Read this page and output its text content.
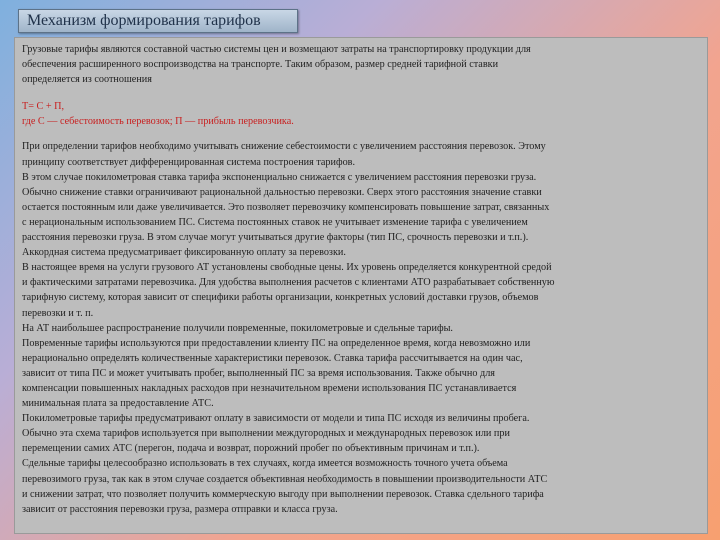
Механизм формирования тарифов
Грузовые тарифы являются составной частью системы цен и возмещают затраты на транспортировку продукции для
обеспечения расширенного воспроизводства на транспорте. Таким образом, размер средней тарифной ставки
определяется из соотношения
Т= С + П,
где С — себестоимость перевозок; П — прибыль перевозчика.
При определении тарифов необходимо учитывать снижение себестоимости с увеличением расстояния перевозок. Этому
принципу соответствует дифференцированная система построения тарифов.
В этом случае покилометровая ставка тарифа экспоненциально снижается с увеличением расстояния перевозки груза.
Обычно снижение ставки ограничивают рациональной дальностью перевозки. Сверх этого расстояния значение ставки
остается постоянным или даже увеличивается. Это позволяет перевозчику компенсировать повышение затрат, связанных
с нерациональным использованием ПС. Система постоянных ставок не учитывает изменение тарифа с увеличением
расстояния перевозки груза. В этом случае могут учитываться другие факторы (тип ПС, срочность перевозки и т.п.).
Аккордная система предусматривает фиксированную оплату за перевозки.
В настоящее время на услуги грузового АТ установлены свободные цены. Их уровень определяется конкурентной средой
и фактическими затратами перевозчика. Для удобства выполнения расчетов с клиентами АТО разрабатывает собственную
тарифную систему, которая зависит от специфики работы организации, конкретных условий доставки грузов, объемов
перевозки и т. п.
На АТ наибольшее распространение получили повременные, покилометровые и сдельные тарифы.
Повременные тарифы используются при предоставлении клиенту ПС на определенное время, когда невозможно или
нерационально определять количественные характеристики перевозок. Ставка тарифа рассчитывается на один час,
зависит от типа ПС и может учитывать пробег, выполненный ПС за время использования. Также обычно для
компенсации повышенных накладных расходов при незначительном времени использования ПС устанавливается
минимальная плата за предоставление АТС.
Покилометровые тарифы предусматривают оплату в зависимости от модели и типа ПС исходя из величины пробега.
Обычно эта схема тарифов используется при выполнении междугородных и международных перевозок или при
перемещении самих АТС (перегон, подача и возврат, порожний пробег по объективным причинам и т.п.).
Сдельные тарифы целесообразно использовать в тех случаях, когда имеется возможность точного учета объема
перевозимого груза, так как в этом случае создается объективная необходимость в повышении производительности АТС
и снижении затрат, что позволяет получить коммерческую выгоду при выполнении перевозок. Ставка сдельного тарифа
зависит от расстояния перевозки груза, размера отправки и класса груза.
